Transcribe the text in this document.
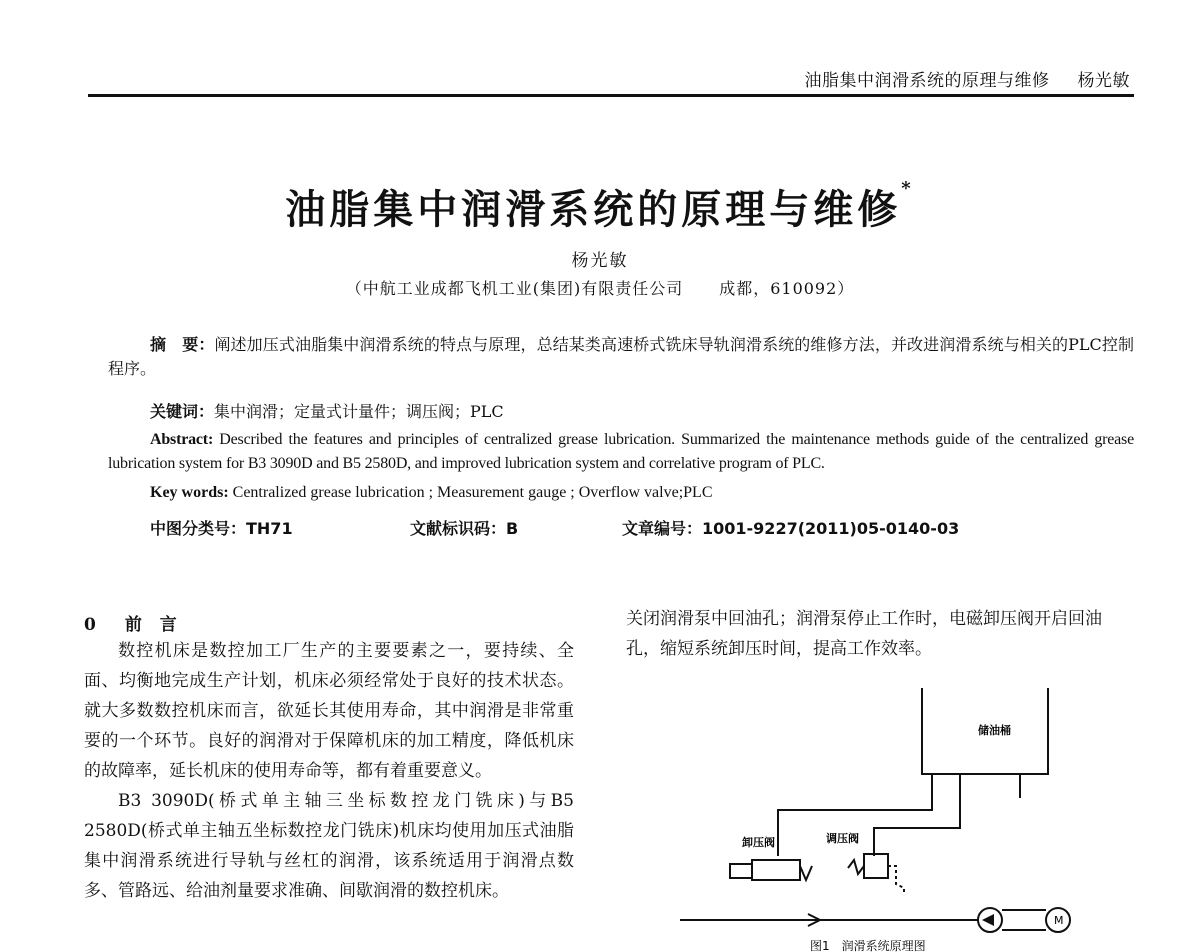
油脂集中润滑系统的原理与维修 杨光敏
油脂集中润滑系统的原理与维修*
杨光敏
（中航工业成都飞机工业(集团)有限责任公司 成都，610092）
摘　要：阐述加压式油脂集中润滑系统的特点与原理，总结某类高速桥式铣床导轨润滑系统的维修方法，并改进润滑系统与相关的PLC控制程序。
关键词：集中润滑；定量式计量件；调压阀；PLC
Abstract: Described the features and principles of centralized grease lubrication. Summarized the maintenance methods guide of the centralized grease lubrication system for B3 3090D and B5 2580D, and improved lubrication system and correlative program of PLC.
Key words: Centralized grease lubrication ; Measurement gauge ; Overflow valve;PLC
中图分类号：TH71	文献标识码：B	文章编号：1001-9227(2011)05-0140-03
0　前 言

数控机床是数控加工厂生产的主要要素之一，要持续、全面、均衡地完成生产计划，机床必须经常处于良好的技术状态。就大多数数控机床而言，欲延长其使用寿命，其中润滑是非常重要的一个环节。良好的润滑对于保障机床的加工精度，降低机床的故障率，延长机床的使用寿命等，都有着重要意义。

B3 3090D(桥式单主轴三坐标数控龙门铣床)与B5 2580D(桥式单主轴五坐标数控龙门铣床)机床均使用加压式油脂集中润滑系统进行导轨与丝杠的润滑，该系统适用于润滑点数多、管路远、给油剂量要求准确、间歇润滑的数控机床。

关闭润滑泵中回油孔；润滑泵停止工作时，电磁卸压阀开启回油孔，缩短系统卸压时间，提高工作效率。

储油桶
卸压阀	调压阀
M
图1　润滑系统原理图
